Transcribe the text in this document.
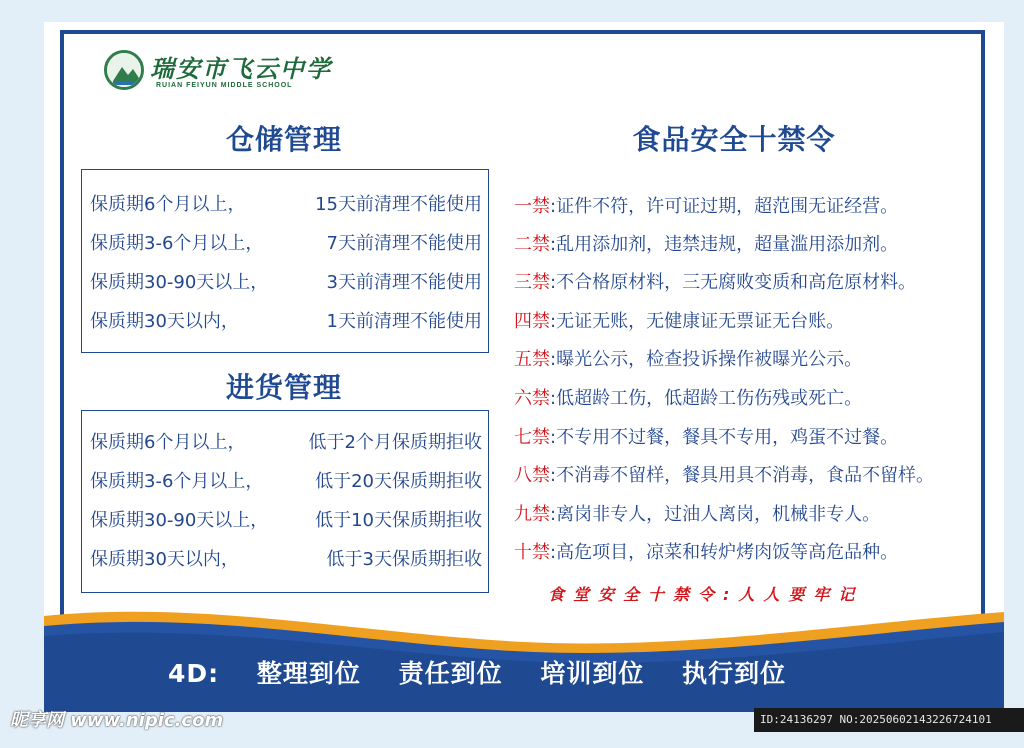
瑞安市飞云中学
RUIAN FEIYUN MIDDLE SCHOOL
仓储管理
保质期6个月以上，	15天前清理不能使用
保质期3-6个月以上，	7天前清理不能使用
保质期30-90天以上，	3天前清理不能使用
保质期30天以内，	1天前清理不能使用
进货管理
保质期6个月以上，	低于2个月保质期拒收
保质期3-6个月以上，	低于20天保质期拒收
保质期30-90天以上，	低于10天保质期拒收
保质期30天以内，	低于3天保质期拒收
食品安全十禁令
一禁:证件不符，许可证过期，超范围无证经营。
二禁:乱用添加剂，违禁违规，超量滥用添加剂。
三禁:不合格原材料，三无腐败变质和高危原材料。
四禁:无证无账，无健康证无票证无台账。
五禁:曝光公示，检查投诉操作被曝光公示。
六禁:低超龄工伤，低超龄工伤伤残或死亡。
七禁:不专用不过餐，餐具不专用，鸡蛋不过餐。
八禁:不消毒不留样，餐具用具不消毒，食品不留样。
九禁:离岗非专人，过油人离岗，机械非专人。
十禁:高危项目，凉菜和转炉烤肉饭等高危品种。
食堂安全十禁令:人人要牢记
4D: 整理到位 责任到位 培训到位 执行到位
昵享网 www.nipic.com	ID:24136297 NO:20250602143226724101
